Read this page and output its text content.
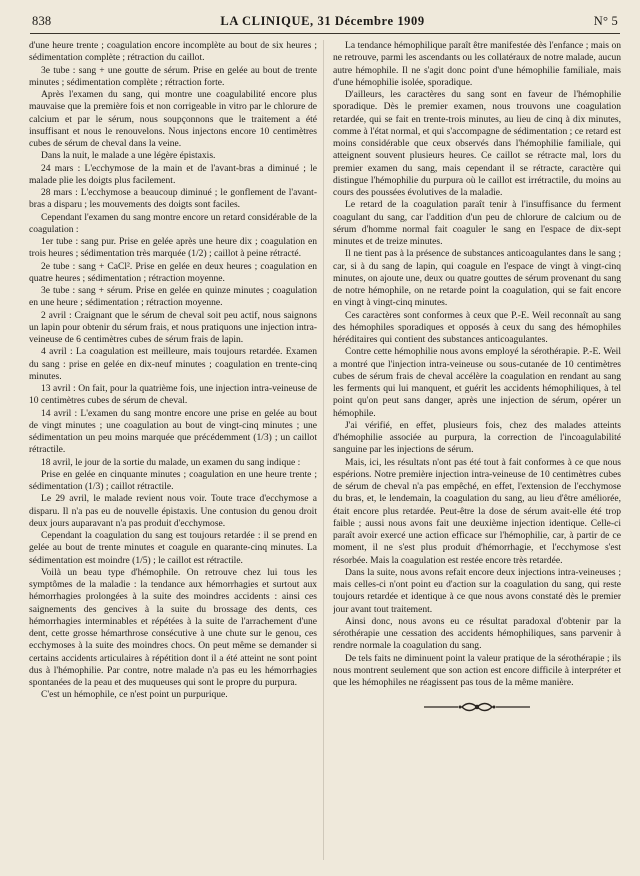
838	LA CLINIQUE, 31 Décembre 1909	N° 5

d'une heure trente ; coagulation encore incomplète au bout de six heures ; sédimentation complète ; rétraction du caillot.

3e tube : sang + une goutte de sérum. Prise en gelée au bout de trente minutes ; sédimentation complète ; rétraction forte.

Après l'examen du sang, qui montre une coagulabilité encore plus mauvaise que la première fois et non corrigeable in vitro par le chlorure de calcium et par le sérum, nous soupçonnons que le traitement a été insuffisant et nous le renouvelons. Nous injectons encore 10 centimètres cubes de sérum de cheval dans la veine.

Dans la nuit, le malade a une légère épistaxis.

24 mars : L'ecchymose de la main et de l'avant-bras a diminué ; le malade plie les doigts plus facilement.

28 mars : L'ecchymose a beaucoup diminué ; le gonflement de l'avant-bras a disparu ; les mouvements des doigts sont faciles.

Cependant l'examen du sang montre encore un retard considérable de la coagulation :

1er tube : sang pur. Prise en gelée après une heure dix ; coagulation en trois heures ; sédimentation très marquée (1/2) ; caillot à peine rétracté.

2e tube : sang + CaCl². Prise en gelée en deux heures ; coagulation en quatre heures ; sédimentation ; rétraction moyenne.

3e tube : sang + sérum. Prise en gelée en quinze minutes ; coagulation en une heure ; sédimentation ; rétraction moyenne.

2 avril : Craignant que le sérum de cheval soit peu actif, nous saignons un lapin pour obtenir du sérum frais, et nous pratiquons une injection intra-veineuse de 6 centimètres cubes de sérum frais de lapin.

4 avril : La coagulation est meilleure, mais toujours retardée. Examen du sang : prise en gelée en dix-neuf minutes ; coagulation en trente-cinq minutes.

13 avril : On fait, pour la quatrième fois, une injection intra-veineuse de 10 centimètres cubes de sérum de cheval.

14 avril : L'examen du sang montre encore une prise en gelée au bout de vingt minutes ; une coagulation au bout de vingt-cinq minutes ; une sédimentation un peu moins marquée que précédemment (1/3) ; un caillot rétractile.

18 avril, le jour de la sortie du malade, un examen du sang indique :

Prise en gelée en cinquante minutes ; coagulation en une heure trente ; sédimentation (1/3) ; caillot rétractile.

Le 29 avril, le malade revient nous voir. Toute trace d'ecchymose a disparu. Il n'a pas eu de nouvelle épistaxis. Une contusion du genou droit deux jours auparavant n'a pas produit d'ecchymose.

Cependant la coagulation du sang est toujours retardée : il se prend en gelée au bout de trente minutes et coagule en quarante-cinq minutes. La sédimentation est moindre (1/5) ; le caillot est rétractile.

Voilà un beau type d'hémophile. On retrouve chez lui tous les symptômes de la maladie : la tendance aux hémorrhagies et surtout aux hémorrhagies prolongées à la suite des moindres accidents : ainsi ces saignements des gencives à la suite du brossage des dents, ces hémorrhagies interminables et répétées à la suite de l'arrachement d'une dent, cette grosse hémarthrose consécutive à une chute sur le genou, ces ecchymoses à la suite des moindres chocs. On peut même se demander si certains accidents articulaires à répétition dont il a été atteint ne sont point dus à l'hémophilie. Par contre, notre malade n'a pas eu les hémorrhagies spontanées de la peau et des muqueuses qui sont le propre du purpura.

C'est un hémophile, ce n'est point un purpurique.

La tendance hémophilique paraît être manifestée dès l'enfance ; mais on ne retrouve, parmi les ascendants ou les collatéraux de notre malade, aucun autre hémophile. Il ne s'agit donc point d'une hémophilie familiale, mais d'une hémophilie isolée, sporadique.

D'ailleurs, les caractères du sang sont en faveur de l'hémophilie sporadique. Dès le premier examen, nous trouvons une coagulation retardée, qui se fait en trente-trois minutes, au lieu de cinq à dix minutes, comme à l'état normal, et qui s'accompagne de sédimentation ; ce retard est moins considérable que ceux observés dans l'hémophilie familiale, qui atteignent souvent plusieurs heures. Ce caillot se rétracte mal, lors du premier examen du sang, mais cependant il se rétracte, caractère qui distingue l'hémophilie du purpura où le caillot est irrétractile, du moins au cours des poussées évolutives de la maladie.

Le retard de la coagulation paraît tenir à l'insuffisance du ferment coagulant du sang, car l'addition d'un peu de chlorure de calcium ou de sérum d'homme normal fait coaguler le sang en l'espace de dix-sept minutes et de treize minutes.

Il ne tient pas à la présence de substances anticoagulantes dans le sang ; car, si à du sang de lapin, qui coagule en l'espace de vingt à vingt-cinq minutes, on ajoute une, deux ou quatre gouttes de sérum provenant du sang de notre hémophile, on ne retarde point la coagulation, qui se fait encore en vingt à vingt-cinq minutes.

Ces caractères sont conformes à ceux que P.-E. Weil reconnaît au sang des hémophiles sporadiques et opposés à ceux du sang des hémophiles héréditaires qui contient des substances anticoagulantes.

Contre cette hémophilie nous avons employé la sérothérapie. P.-E. Weil a montré que l'injection intra-veineuse ou sous-cutanée de 10 centimètres cubes de sérum frais de cheval accélère la coagulation en rendant au sang les ferments qui lui manquent, et guérit les accidents hémophiliques, à tel point qu'on peut sans danger, après une injection de sérum, opérer un hémophile.

J'ai vérifié, en effet, plusieurs fois, chez des malades atteints d'hémophilie associée au purpura, la correction de l'incoagulabilité sanguine par les injections de sérum.

Mais, ici, les résultats n'ont pas été tout à fait conformes à ce que nous espérions. Notre première injection intra-veineuse de 10 centimètres cubes de sérum de cheval n'a pas empêché, en effet, l'extension de l'ecchymose du bras, et, le lendemain, la coagulation du sang, au lieu d'être améliorée, était encore plus retardée. Peut-être la dose de sérum avait-elle été trop faible ; aussi nous avons fait une deuxième injection identique. Celle-ci paraît avoir exercé une action efficace sur l'hémophilie, car, à partir de ce moment, il ne s'est plus produit d'hémorrhagie, et l'ecchymose s'est résorbée. Mais la coagulation est restée encore très retardée.

Dans la suite, nous avons refait encore deux injections intra-veineuses ; mais celles-ci n'ont point eu d'action sur la coagulation du sang, qui reste toujours retardée et identique à ce que nous avons constaté dès le premier jour avant tout traitement.

Ainsi donc, nous avons eu ce résultat paradoxal d'obtenir par la sérothérapie une cessation des accidents hémophiliques, sans parvenir à rendre normale la coagulation du sang.

De tels faits ne diminuent point la valeur pratique de la sérothérapie ; ils nous montrent seulement que son action est encore difficile à interpréter et que les hémophiles ne réagissent pas tous de la même manière.
